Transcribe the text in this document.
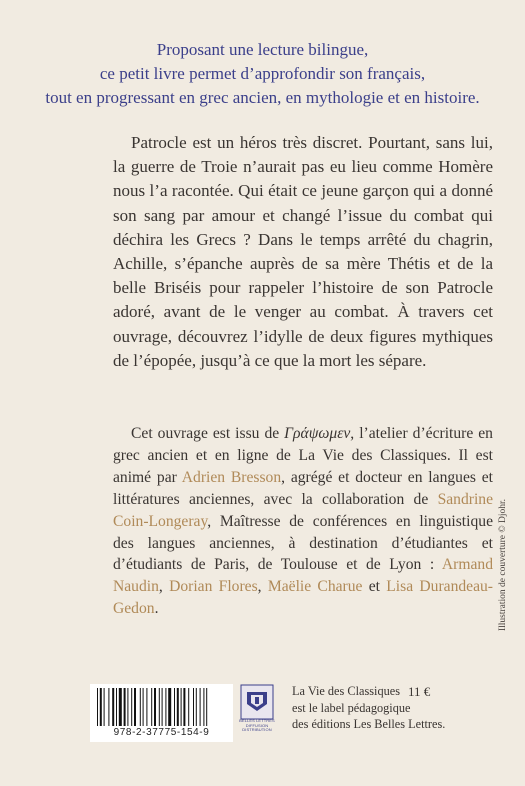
Proposant une lecture bilingue,
ce petit livre permet d’approfondir son français,
tout en progressant en grec ancien, en mythologie et en histoire.

Patrocle est un héros très discret. Pourtant, sans lui, la guerre de Troie n’aurait pas eu lieu comme Homère nous l’a racontée. Qui était ce jeune garçon qui a donné son sang par amour et changé l’issue du combat qui déchira les Grecs ? Dans le temps arrêté du chagrin, Achille, s’épanche auprès de sa mère Thétis et de la belle Briséis pour rappeler l’histoire de son Patrocle adoré, avant de le venger au combat. À travers cet ouvrage, découvrez l’idylle de deux figures mythiques de l’épopée, jusqu’à ce que la mort les sépare.

Cet ouvrage est issu de Γράψωμεν, l’atelier d’écriture en grec ancien et en ligne de La Vie des Classiques. Il est animé par Adrien Bresson, agrégé et docteur en langues et littératures anciennes, avec la collaboration de Sandrine Coin-Longeray, Maîtresse de conférences en linguistique des langues anciennes, à destination d’étudiantes et d’étudiants de Paris, de Toulouse et de Lyon : Armand Naudin, Dorian Flores, Maëlie Charue et Lisa Durandeau-Gedon.	Illustration de couverture © Djohr.
978-2-37775-154-9
BELLES LETTRES DIFFUSION DISTRIBUTION
La Vie des Classiques
est le label pédagogique
des éditions Les Belles Lettres.
11 €
